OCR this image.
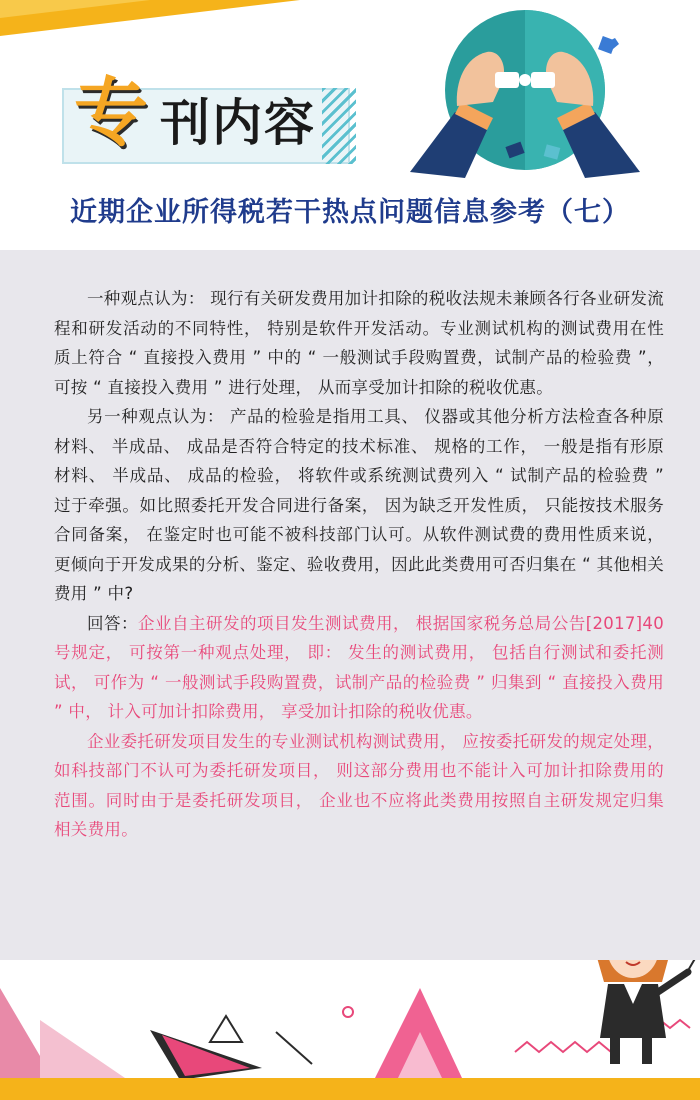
专 刊内容
近期企业所得税若干热点问题信息参考（七）

一种观点认为： 现行有关研发费用加计扣除的税收法规未兼顾各行各业研发流程和研发活动的不同特性， 特别是软件开发活动。专业测试机构的测试费用在性质上符合 “ 直接投入费用 ” 中的 “ 一般测试手段购置费，试制产品的检验费 ”， 可按 “ 直接投入费用 ” 进行处理， 从而享受加计扣除的税收优惠。

另一种观点认为： 产品的检验是指用工具、 仪器或其他分析方法检查各种原材料、 半成品、 成品是否符合特定的技术标准、 规格的工作， 一般是指有形原材料、 半成品、 成品的检验， 将软件或系统测试费列入 “ 试制产品的检验费 ” 过于牵强。如比照委托开发合同进行备案， 因为缺乏开发性质， 只能按技术服务合同备案， 在鉴定时也可能不被科技部门认可。从软件测试费的费用性质来说， 更倾向于开发成果的分析、鉴定、验收费用，因此此类费用可否归集在 “ 其他相关费用 ” 中?

回答：企业自主研发的项目发生测试费用， 根据国家税务总局公告[2017]40 号规定， 可按第一种观点处理， 即： 发生的测试费用， 包括自行测试和委托测试， 可作为 “ 一般测试手段购置费，试制产品的检验费 ” 归集到 “ 直接投入费用 ” 中， 计入可加计扣除费用， 享受加计扣除的税收优惠。

企业委托研发项目发生的专业测试机构测试费用， 应按委托研发的规定处理， 如科技部门不认可为委托研发项目， 则这部分费用也不能计入可加计扣除费用的范围。同时由于是委托研发项目， 企业也不应将此类费用按照自主研发规定归集相关费用。
